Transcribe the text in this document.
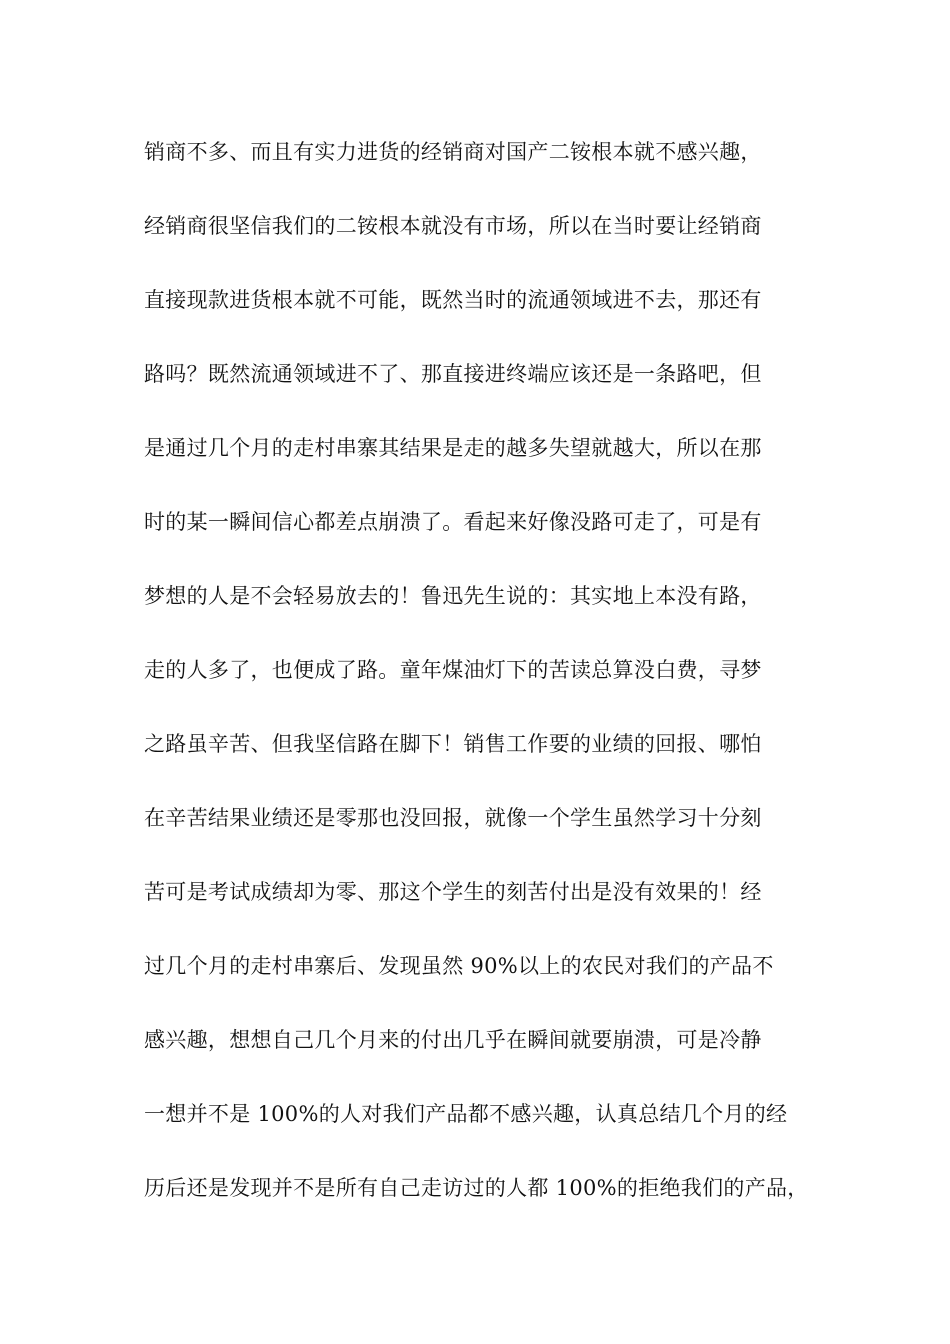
销商不多、而且有实力进货的经销商对国产二铵根本就不感兴趣，
经销商很坚信我们的二铵根本就没有市场，所以在当时要让经销商
直接现款进货根本就不可能，既然当时的流通领域进不去，那还有
路吗？既然流通领域进不了、那直接进终端应该还是一条路吧，但
是通过几个月的走村串寨其结果是走的越多失望就越大，所以在那
时的某一瞬间信心都差点崩溃了。看起来好像没路可走了，可是有
梦想的人是不会轻易放去的！鲁迅先生说的：其实地上本没有路，
走的人多了，也便成了路。童年煤油灯下的苦读总算没白费，寻梦
之路虽辛苦、但我坚信路在脚下！销售工作要的业绩的回报、哪怕
在辛苦结果业绩还是零那也没回报，就像一个学生虽然学习十分刻
苦可是考试成绩却为零、那这个学生的刻苦付出是没有效果的！经
过几个月的走村串寨后、发现虽然 90%以上的农民对我们的产品不
感兴趣，想想自己几个月来的付出几乎在瞬间就要崩溃，可是冷静
一想并不是 100%的人对我们产品都不感兴趣，认真总结几个月的经
历后还是发现并不是所有自己走访过的人都 100%的拒绝我们的产品，
